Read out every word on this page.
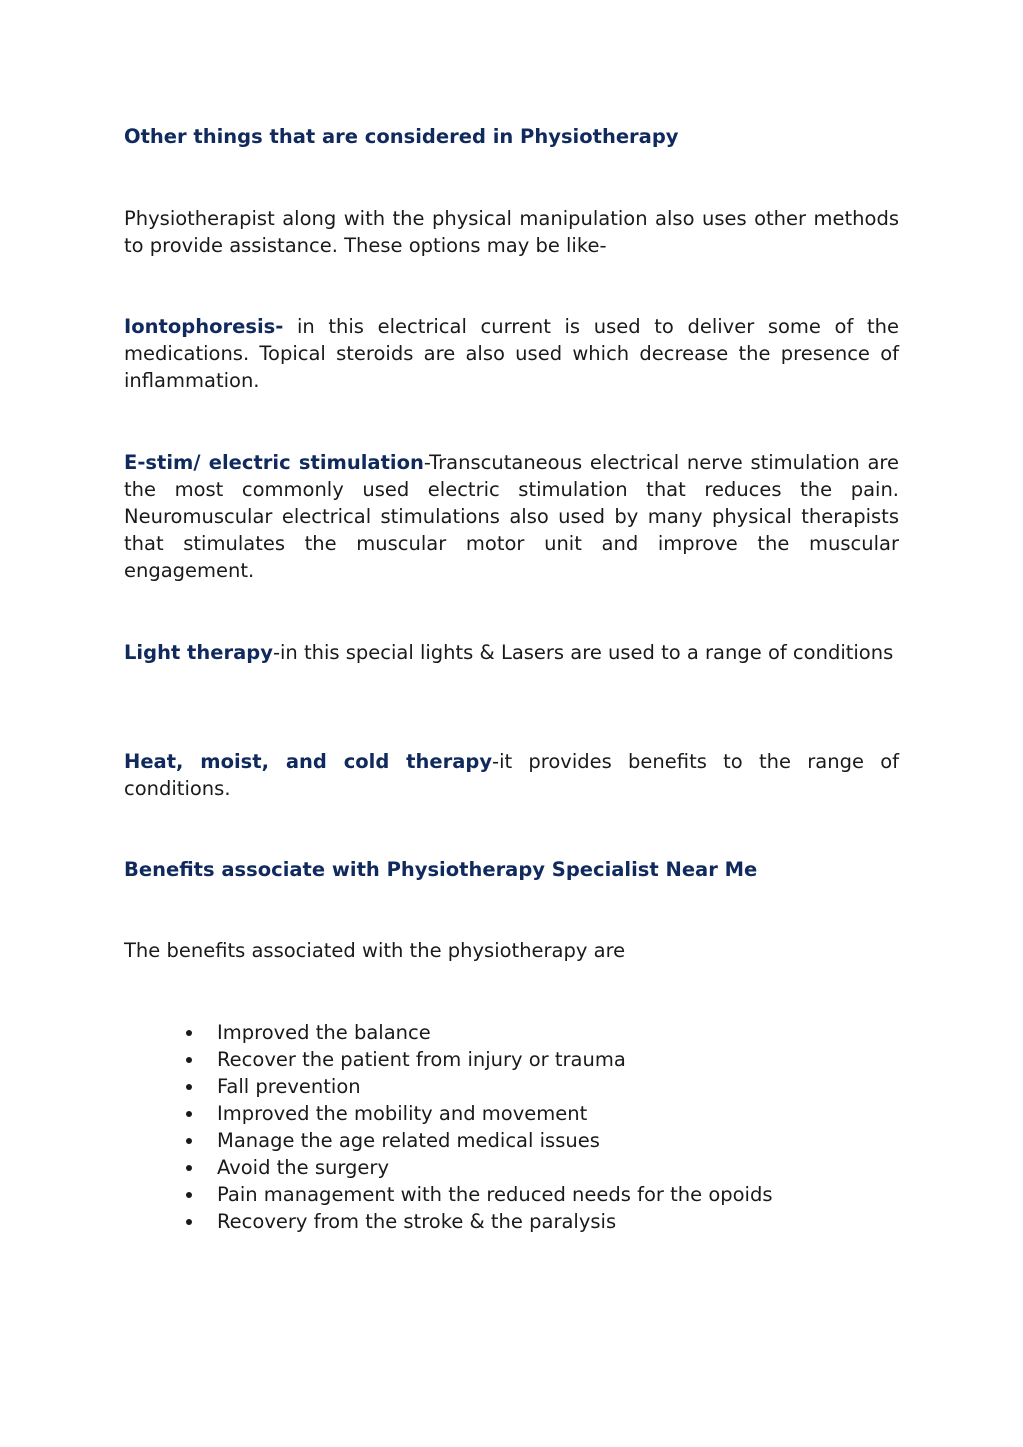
Other things that are considered in Physiotherapy
Physiotherapist along with the physical manipulation also uses other methods to provide assistance. These options may be like-
Iontophoresis- in this electrical current is used to deliver some of the medications. Topical steroids are also used which decrease the presence of inflammation.
E-stim/ electric stimulation-Transcutaneous electrical nerve stimulation are the most commonly used electric stimulation that reduces the pain. Neuromuscular electrical stimulations also used by many physical therapists that stimulates the muscular motor unit and improve the muscular engagement.
Light therapy-in this special lights & Lasers are used to a range of conditions
Heat, moist, and cold therapy-it provides benefits to the range of conditions.
Benefits associate with Physiotherapy Specialist Near Me
The benefits associated with the physiotherapy are
Improved the balance
Recover the patient from injury or trauma
Fall prevention
Improved the mobility and movement
Manage the age related medical issues
Avoid the surgery
Pain management with the reduced needs for the opoids
Recovery from the stroke & the paralysis
